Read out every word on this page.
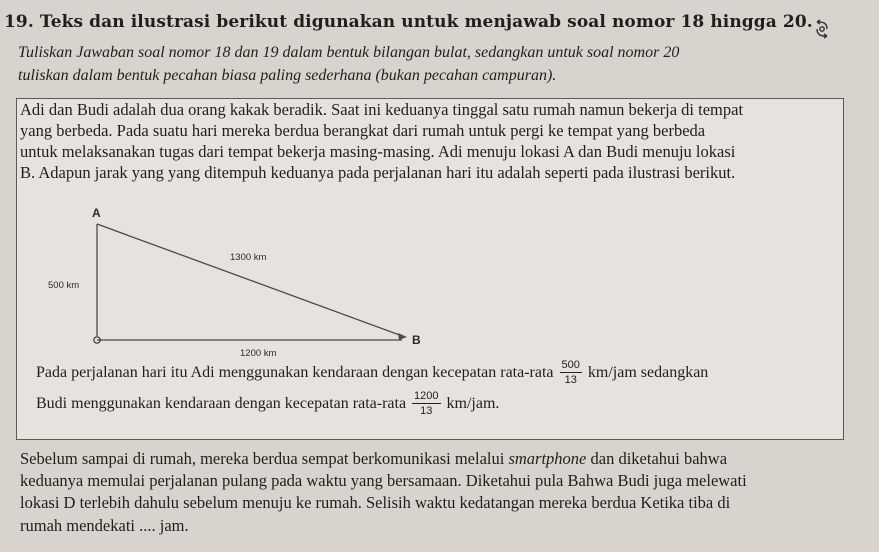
19. Teks dan ilustrasi berikut digunakan untuk menjawab soal nomor 18 hingga 20.
Tuliskan Jawaban soal nomor 18 dan 19 dalam bentuk bilangan bulat, sedangkan untuk soal nomor 20
tuliskan dalam bentuk pecahan biasa paling sederhana (bukan pecahan campuran).
Adi dan Budi adalah dua orang kakak beradik. Saat ini keduanya tinggal satu rumah namun bekerja di tempat
yang berbeda. Pada suatu hari mereka berdua berangkat dari rumah untuk pergi ke tempat yang berbeda
untuk melaksanakan tugas dari tempat bekerja masing-masing. Adi menuju lokasi A dan Budi menuju lokasi
B. Adapun jarak yang yang ditempuh keduanya pada perjalanan hari itu adalah seperti pada ilustrasi berikut.
A
B
500 km
1300 km
1200 km
Pada perjalanan hari itu Adi menggunakan kendaraan dengan kecepatan rata-rata $\frac{500}{13} km/jam$ sedangkan
Budi menggunakan kendaraan dengan kecepatan rata-rata $\frac{1200}{13} km/jam$.
Sebelum sampai di rumah, mereka berdua sempat berkomunikasi melalui smartphone dan diketahui bahwa
keduanya memulai perjalanan pulang pada waktu yang bersamaan. Diketahui pula Bahwa Budi juga melewati
lokasi D terlebih dahulu sebelum menuju ke rumah. Selisih waktu kedatangan mereka berdua Ketika tiba di
rumah mendekati .... jam.
